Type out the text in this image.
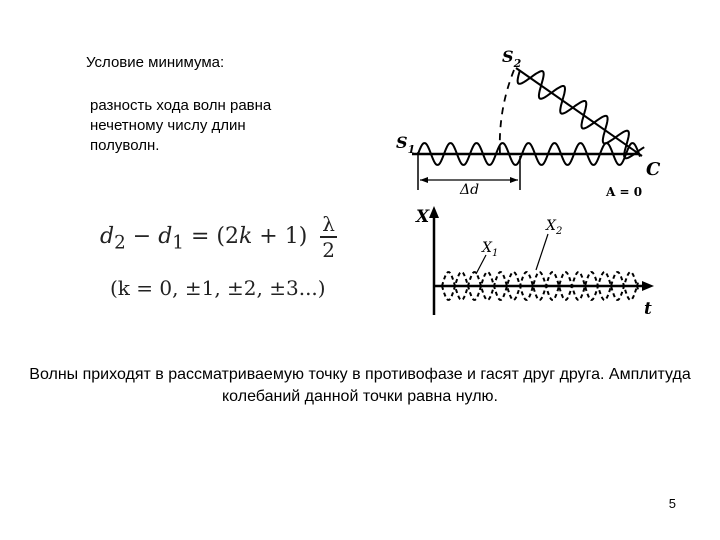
Условие минимума:
разность хода волн равна
нечетному числу длин
полуволн.
$d_2 - d_1 = (2k + 1) \frac{\lambda}{2}$
(k = 0, ±1, ±2, ±3...)
Δd
$S_2$
$S_1$
C
A = 0
X
t
$X_1$
$X_2$
Волны приходят в рассматриваемую точку в противофазе и гасят друг друга. Амплитуда колебаний данной точки равна нулю.
5
